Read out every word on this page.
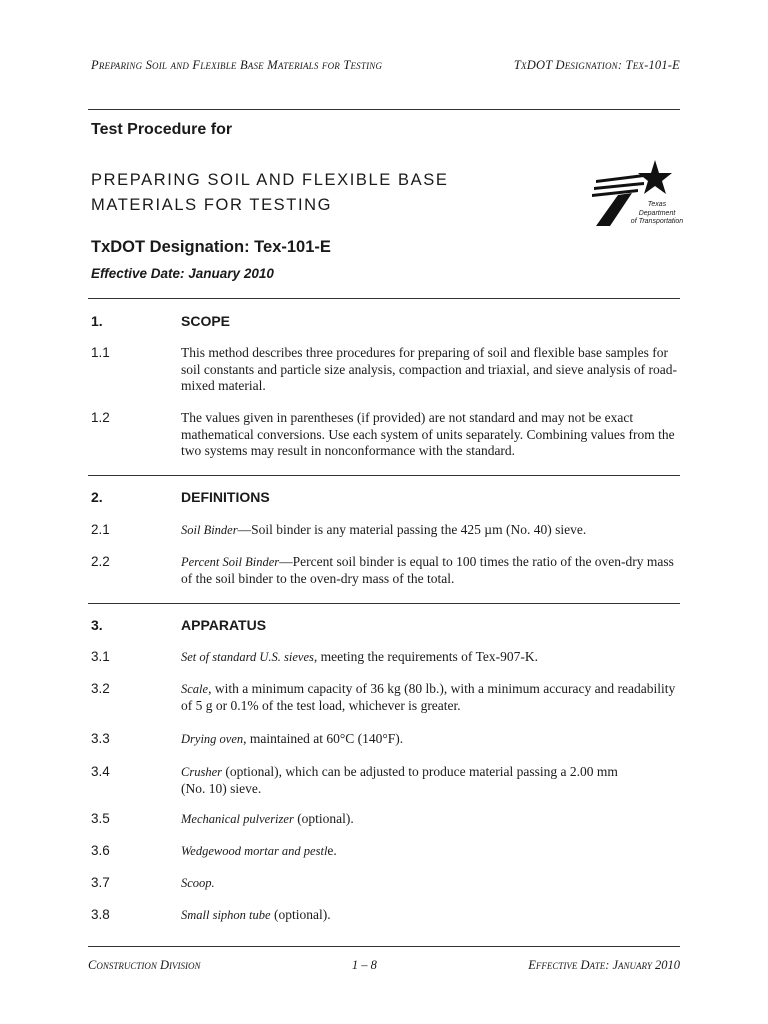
Preparing Soil and Flexible Base Materials for Testing	TxDOT Designation: Tex-101-E
Test Procedure for
PREPARING SOIL AND FLEXIBLE BASE
MATERIALS FOR TESTING	Texas
Department
of Transportation
TxDOT Designation: Tex-101-E
Effective Date: January 2010
1.	SCOPE
1.1	This method describes three procedures for preparing of soil and flexible base samples for soil constants and particle size analysis, compaction and triaxial, and sieve analysis of road-mixed material.
1.2	The values given in parentheses (if provided) are not standard and may not be exact mathematical conversions. Use each system of units separately. Combining values from the two systems may result in nonconformance with the standard.
2.	DEFINITIONS
2.1	Soil Binder—Soil binder is any material passing the 425 µm (No. 40) sieve.
2.2	Percent Soil Binder—Percent soil binder is equal to 100 times the ratio of the oven-dry mass of the soil binder to the oven-dry mass of the total.
3.	APPARATUS
3.1	Set of standard U.S. sieves, meeting the requirements of Tex-907-K.
3.2	Scale, with a minimum capacity of 36 kg (80 lb.), with a minimum accuracy and readability of 5 g or 0.1% of the test load, whichever is greater.
3.3	Drying oven, maintained at 60°C (140°F).
3.4	Crusher (optional), which can be adjusted to produce material passing a 2.00 mm (No. 10) sieve.
3.5	Mechanical pulverizer (optional).
3.6	Wedgewood mortar and pestle.
3.7	Scoop.
3.8	Small siphon tube (optional).
Construction Division	1 – 8	Effective Date: January 2010
